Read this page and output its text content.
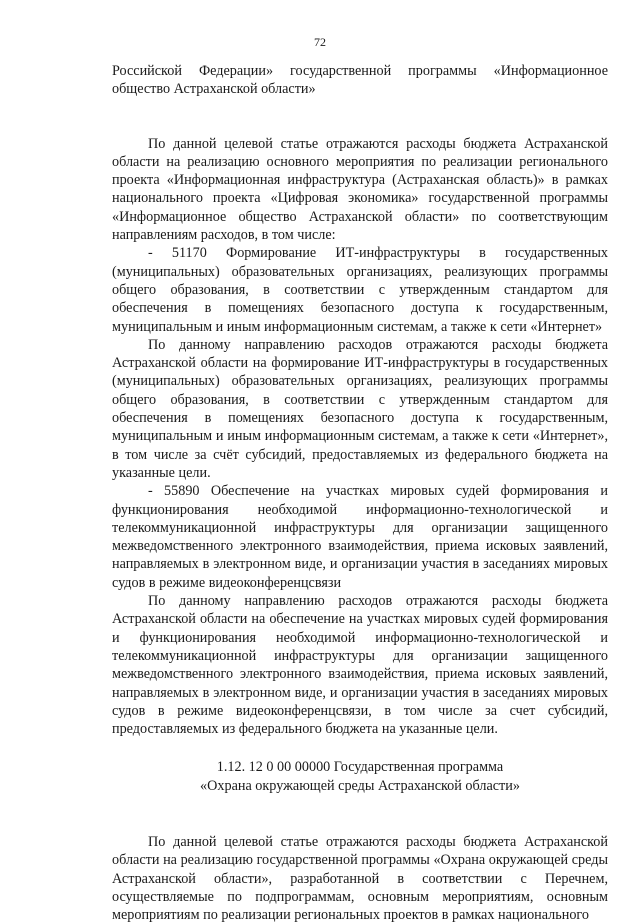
72

Российской Федерации» государственной программы «Информационное общество Астраханской области»

По данной целевой статье отражаются расходы бюджета Астраханской области на реализацию основного мероприятия по реализации регионального проекта «Информационная инфраструктура (Астраханская область)» в рамках национального проекта «Цифровая экономика» государственной программы «Информационное общество Астраханской области» по соответствующим направлениям расходов, в том числе:

- 51170 Формирование ИТ-инфраструктуры в государственных (муниципальных) образовательных организациях, реализующих программы общего образования, в соответствии с утвержденным стандартом для обеспечения в помещениях безопасного доступа к государственным, муниципальным и иным информационным системам, а также к сети «Интернет»

По данному направлению расходов отражаются расходы бюджета Астраханской области на формирование ИТ-инфраструктуры в государственных (муниципальных) образовательных организациях, реализующих программы общего образования, в соответствии с утвержденным стандартом для обеспечения в помещениях безопасного доступа к государственным, муниципальным и иным информационным системам, а также к сети «Интернет», в том числе за счёт субсидий, предоставляемых из федерального бюджета на указанные цели.

- 55890 Обеспечение на участках мировых судей формирования и функционирования необходимой информационно-технологической и телекоммуникационной инфраструктуры для организации защищенного межведомственного электронного взаимодействия, приема исковых заявлений, направляемых в электронном виде, и организации участия в заседаниях мировых судов в режиме видеоконференцсвязи

По данному направлению расходов отражаются расходы бюджета Астраханской области на обеспечение на участках мировых судей формирования и функционирования необходимой информационно-технологической и телекоммуникационной инфраструктуры для организации защищенного межведомственного электронного взаимодействия, приема исковых заявлений, направляемых в электронном виде, и организации участия в заседаниях мировых судов в режиме видеоконференцсвязи, в том числе за счет субсидий, предоставляемых из федерального бюджета на указанные цели.

1.12. 12 0 00 00000 Государственная программа

«Охрана окружающей среды Астраханской области»

По данной целевой статье отражаются расходы бюджета Астраханской области на реализацию государственной программы «Охрана окружающей среды Астраханской области», разработанной в соответствии с Перечнем, осуществляемые по подпрограммам, основным мероприятиям, основным мероприятиям по реализации региональных проектов в рамках национального
